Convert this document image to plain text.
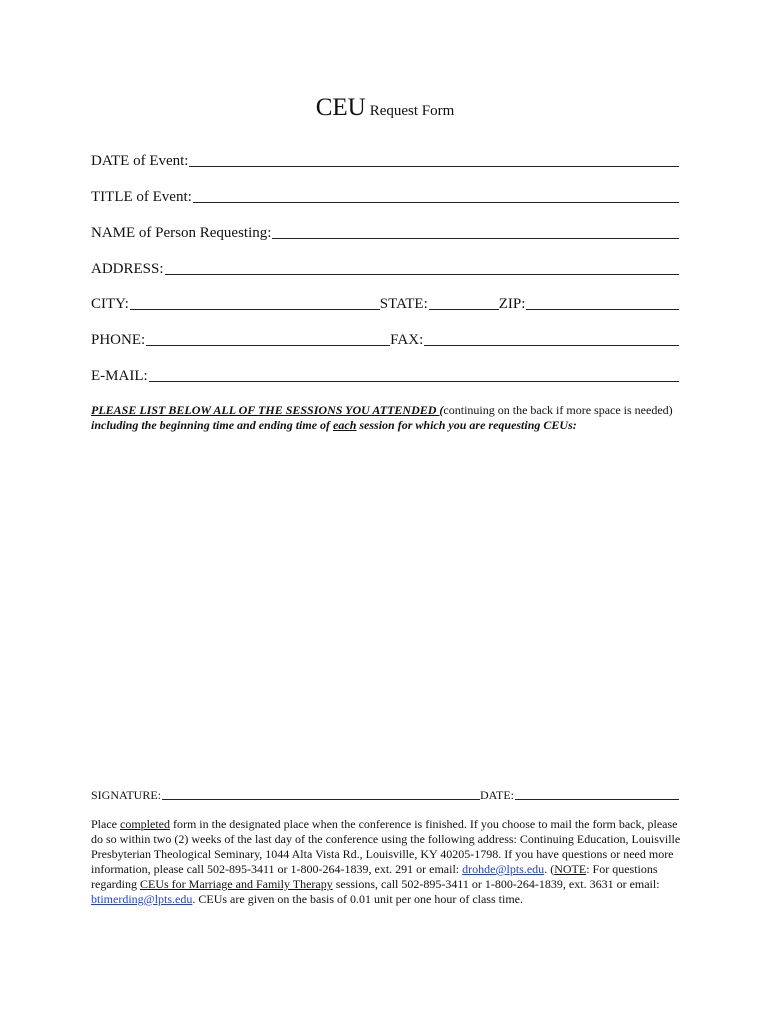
CEU Request Form
DATE of Event:
TITLE of Event:
NAME of Person Requesting:
ADDRESS:
CITY:	STATE:	ZIP:
PHONE:	FAX:
E-MAIL:
PLEASE LIST BELOW ALL OF THE SESSIONS YOU ATTENDED (continuing on the back if more space is needed) including the beginning time and ending time of each session for which you are requesting CEUs:
SIGNATURE:	DATE:
Place completed form in the designated place when the conference is finished. If you choose to mail the form back, please do so within two (2) weeks of the last day of the conference using the following address: Continuing Education, Louisville Presbyterian Theological Seminary, 1044 Alta Vista Rd., Louisville, KY 40205-1798. If you have questions or need more information, please call 502-895-3411 or 1-800-264-1839, ext. 291 or email: drohde@lpts.edu. (NOTE: For questions regarding CEUs for Marriage and Family Therapy sessions, call 502-895-3411 or 1-800-264-1839, ext. 3631 or email: btimerding@lpts.edu. CEUs are given on the basis of 0.01 unit per one hour of class time.
